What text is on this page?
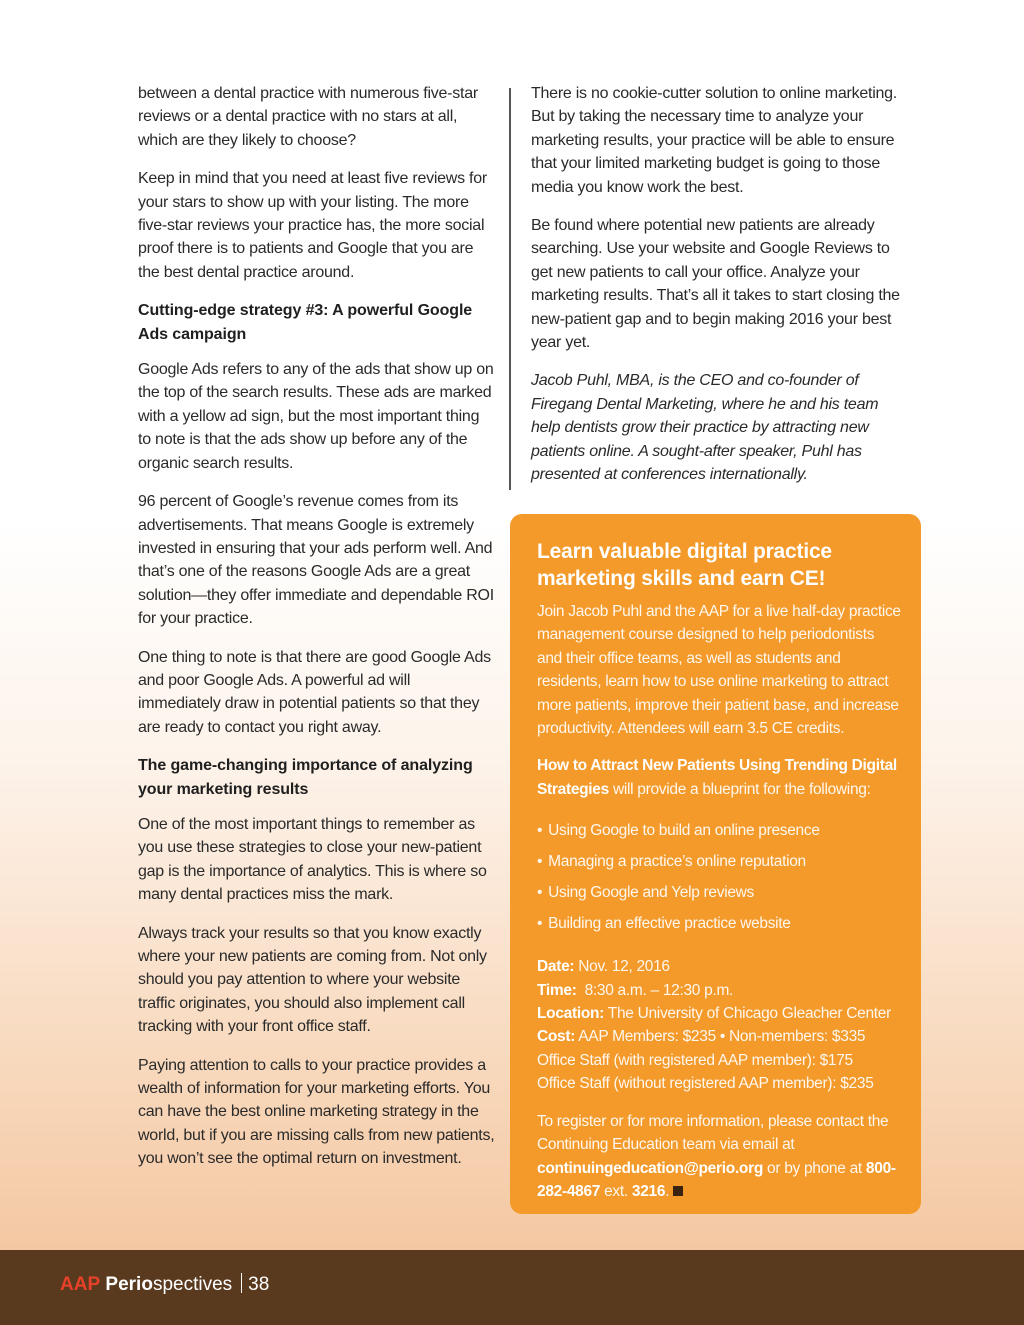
between a dental practice with numerous five-star reviews or a dental practice with no stars at all, which are they likely to choose?

Keep in mind that you need at least five reviews for your stars to show up with your listing. The more five-star reviews your practice has, the more social proof there is to patients and Google that you are the best dental practice around.

Cutting-edge strategy #3: A powerful Google Ads campaign

Google Ads refers to any of the ads that show up on the top of the search results. These ads are marked with a yellow ad sign, but the most important thing to note is that the ads show up before any of the organic search results.

96 percent of Google’s revenue comes from its advertisements. That means Google is extremely invested in ensuring that your ads perform well. And that’s one of the reasons Google Ads are a great solution—they offer immediate and dependable ROI for your practice.

One thing to note is that there are good Google Ads and poor Google Ads. A powerful ad will immediately draw in potential patients so that they are ready to contact you right away.

The game-changing importance of analyzing your marketing results

One of the most important things to remember as you use these strategies to close your new-patient gap is the importance of analytics. This is where so many dental practices miss the mark.

Always track your results so that you know exactly where your new patients are coming from. Not only should you pay attention to where your website traffic originates, you should also implement call tracking with your front office staff.

Paying attention to calls to your practice provides a wealth of information for your marketing efforts. You can have the best online marketing strategy in the world, but if you are missing calls from new patients, you won’t see the optimal return on investment.

There is no cookie-cutter solution to online marketing. But by taking the necessary time to analyze your marketing results, your practice will be able to ensure that your limited marketing budget is going to those media you know work the best.

Be found where potential new patients are already searching. Use your website and Google Reviews to get new patients to call your office. Analyze your marketing results. That’s all it takes to start closing the new-patient gap and to begin making 2016 your best year yet.

Jacob Puhl, MBA, is the CEO and co-founder of Firegang Dental Marketing, where he and his team help dentists grow their practice by attracting new patients online. A sought-after speaker, Puhl has presented at conferences internationally.

Learn valuable digital practice marketing skills and earn CE!

Join Jacob Puhl and the AAP for a live half-day practice management course designed to help periodontists and their office teams, as well as students and residents, learn how to use online marketing to attract more patients, improve their patient base, and increase productivity. Attendees will earn 3.5 CE credits.

How to Attract New Patients Using Trending Digital Strategies will provide a blueprint for the following:

• Using Google to build an online presence
• Managing a practice’s online reputation
• Using Google and Yelp reviews
• Building an effective practice website
Date: Nov. 12, 2016
Time:  8:30 a.m. – 12:30 p.m.
Location: The University of Chicago Gleacher Center
Cost: AAP Members: $235 • Non-members: $335
Office Staff (with registered AAP member): $175
Office Staff (without registered AAP member): $235

To register or for more information, please contact the Continuing Education team via email at continuingeducation@perio.org or by phone at 800-282-4867 ext. 3216.

AAP Periospectives 38
